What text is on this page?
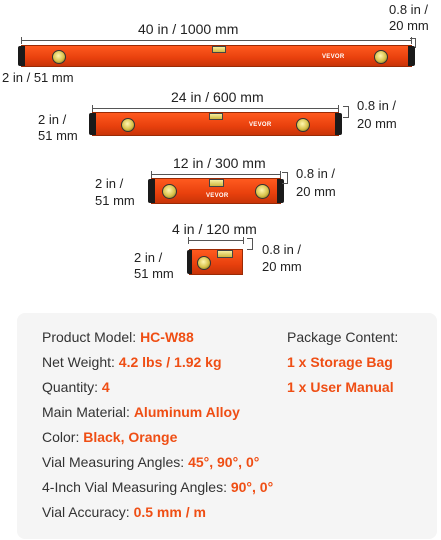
40 in / 1000 mm
0.8 in /
20 mm
VEVOR
2 in / 51 mm
24 in / 600 mm
2 in /
51 mm
VEVOR
0.8 in /
20 mm
12 in / 300 mm
2 in /
51 mm	VEVOR
0.8 in /
20 mm
4 in / 120 mm
2 in /
51 mm
0.8 in /
20 mm
Product Model: HC-W88
Net Weight: 4.2 lbs / 1.92 kg
Quantity: 4
Main Material: Aluminum Alloy
Color: Black, Orange
Vial Measuring Angles: 45°, 90°, 0°
4-Inch Vial Measuring Angles: 90°, 0°
Vial Accuracy: 0.5 mm / m
Package Content:
1 x Storage Bag
1 x User Manual
